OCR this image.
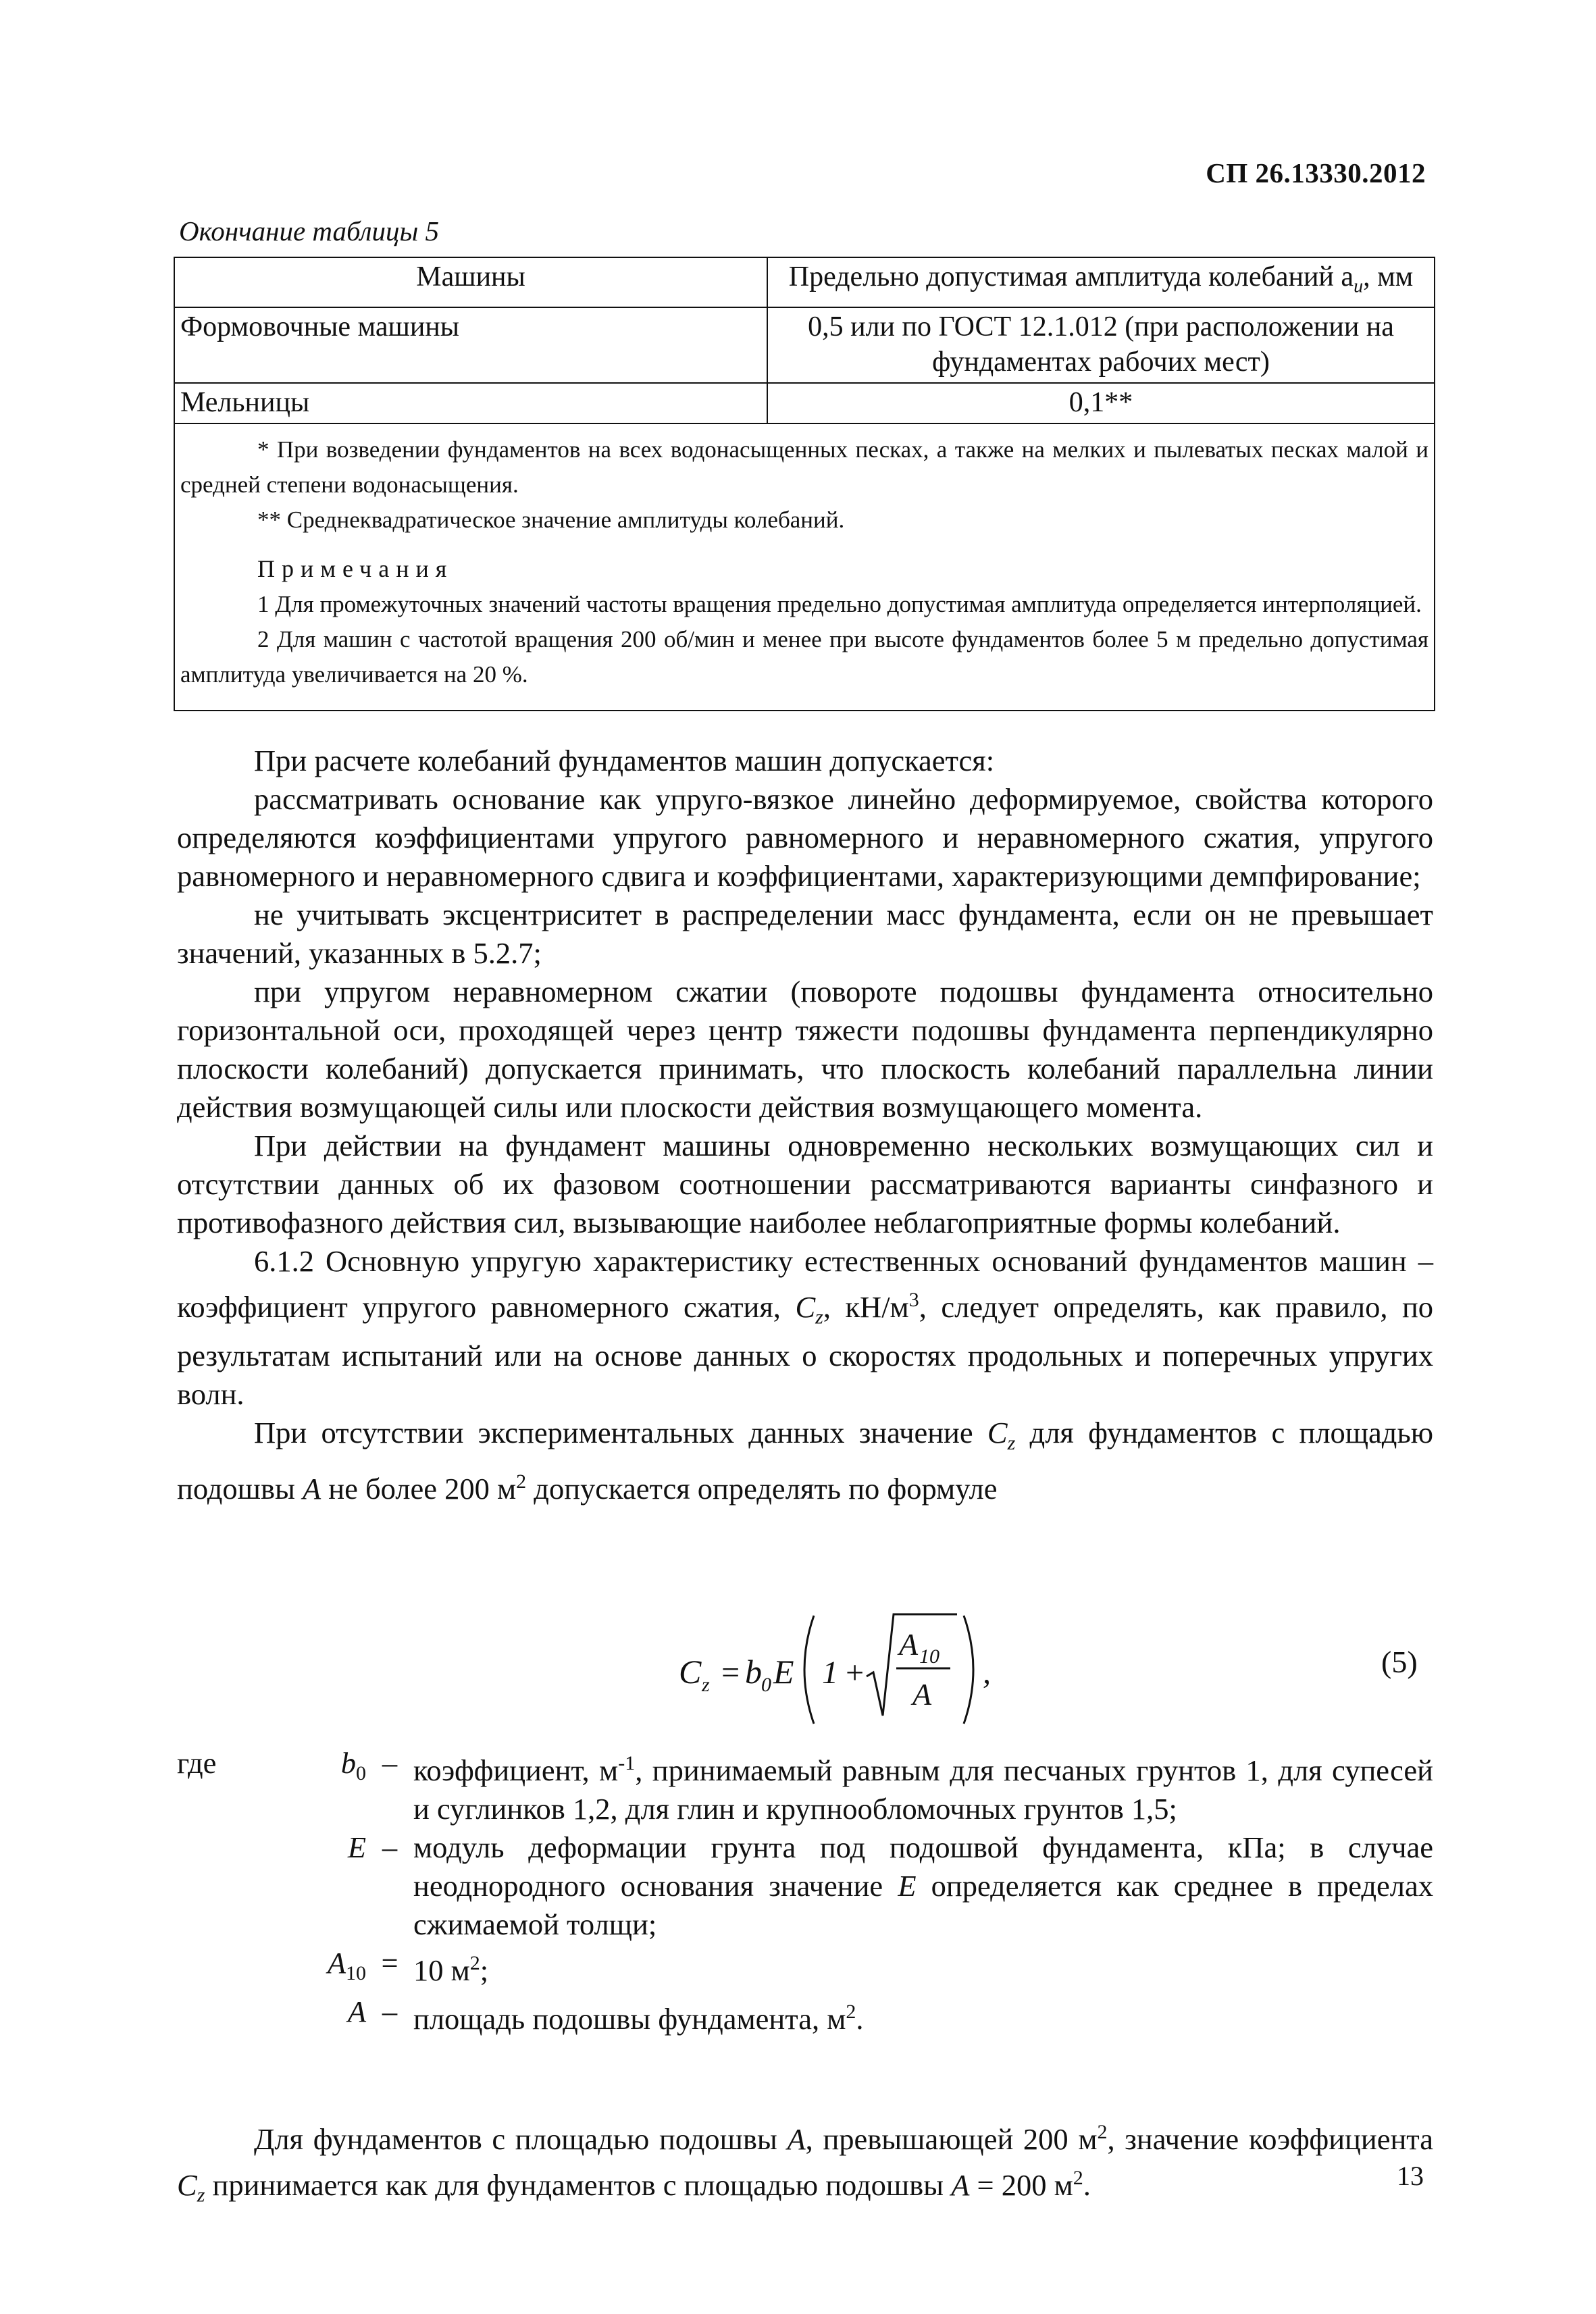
СП 26.13330.2012
Окончание таблицы 5
Машины	Предельно допустимая амплитуда колебаний $a_u$, мм
Формовочные машины	0,5 или по ГОСТ 12.1.012 (при расположении на фундаментах рабочих мест)
Мельницы	0,1**

* При возведении фундаментов на всех водонасыщенных песках, а также на мелких и пылеватых песках малой и средней степени водонасыщения.

** Среднеквадратическое значение амплитуды колебаний.

Примечания

1 Для промежуточных значений частоты вращения предельно допустимая амплитуда определяется интерполяцией.

2 Для машин с частотой вращения 200 об/мин и менее при высоте фундаментов более 5 м предельно допустимая амплитуда увеличивается на 20 %.	

При расчете колебаний фундаментов машин допускается:

рассматривать основание как упруго-вязкое линейно деформируемое, свойства которого определяются коэффициентами упругого равномерного и неравномерного сжатия, упругого равномерного и неравномерного сдвига и коэффициентами, характеризующими демпфирование;

не учитывать эксцентриситет в распределении масс фундамента, если он не превышает значений, указанных в 5.2.7;

при упругом неравномерном сжатии (повороте подошвы фундамента относительно горизонтальной оси, проходящей через центр тяжести подошвы фундамента перпендикулярно плоскости колебаний) допускается принимать, что плоскость колебаний параллельна линии действия возмущающей силы или плоскости действия возмущающего момента.

При действии на фундамент машины одновременно нескольких возмущающих сил и отсутствии данных об их фазовом соотношении рассматриваются варианты синфазного и противофазного действия сил, вызывающие наиболее неблагоприятные формы колебаний.

6.1.2 Основную упругую характеристику естественных оснований фундаментов машин – коэффициент упругого равномерного сжатия, $C_z$, $кН/м^3$, следует определять, как правило, по результатам испытаний или на основе данных о скоростях продольных и поперечных упругих волн.

При отсутствии экспериментальных данных значение $C_z$ для фундаментов с площадью подошвы A не более 200 $м^2$ допускается определять по формуле

C z = b 0 E 1 +
A 10
A
,	(5)
где	$b_0$ – коэффициент, $м^{-1}$, принимаемый равным для песчаных грунтов 1, для супесей и суглинков 1,2, для глин и крупнообломочных грунтов 1,5;
E – модуль деформации грунта под подошвой фундамента, кПа; в случае неоднородного основания значение E определяется как среднее в пределах сжимаемой толщи;
$A_{10} = 10$ $м^2$;
A – площадь подошвы фундамента, $м^2$.

Для фундаментов с площадью подошвы A, превышающей 200 $м^2$, значение коэффициента $C_z$ принимается как для фундаментов с площадью подошвы A = 200 $м^2$.	13
